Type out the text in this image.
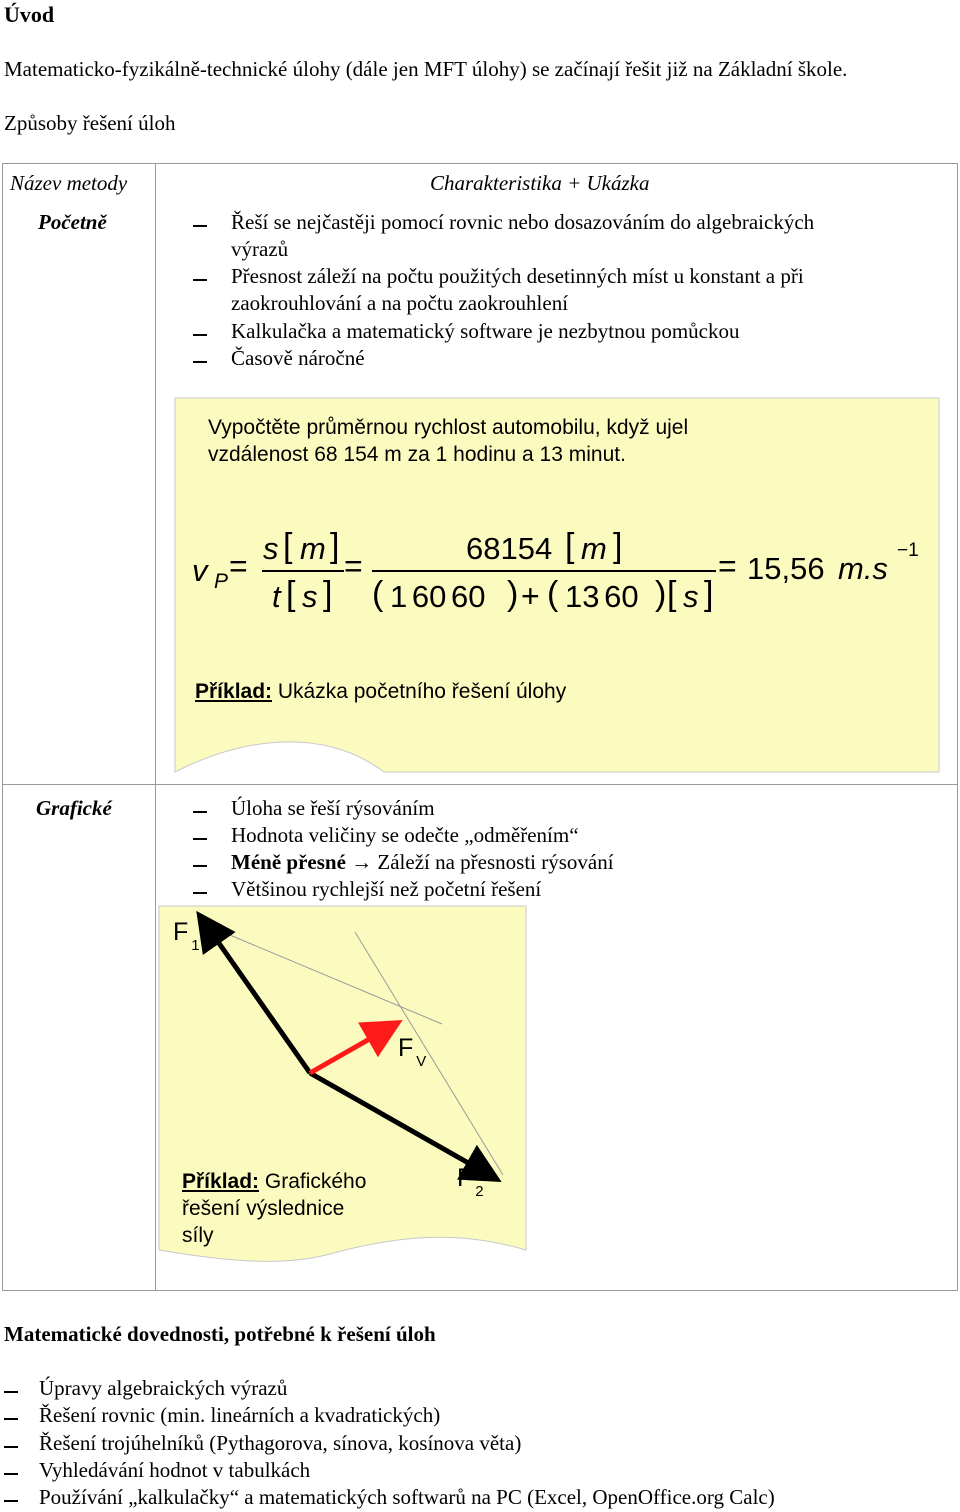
Úvod
Matematicko-fyzikálně-technické úlohy (dále jen MFT úlohy) se začínají řešit již na Základní škole.
Způsoby řešení úloh
Název metody	Charakteristika + Ukázka
Početně	Řeší se nejčastěji pomocí rovnic nebo dosazováním do algebraických
výrazů
Přesnost záleží na počtu použitých desetinných míst u konstant a při
zaokrouhlování a na počtu zaokrouhlení
Kalkulačka a matematický software je nezbytnou pomůckou
Časově náročné
Vypočtěte průměrnou rychlost automobilu, když ujel
vzdálenost 68 154 m za 1 hodinu a 13 minut.
v P = s [ m ]
t [ s ]
=	68154 [ m ]
( 1 60 60 ) + ( 13 60 ) [ s ]
= 15,56 m.s
−1
Příklad: Ukázka početního řešení úlohy
Grafické	Úloha se řeší rýsováním
Hodnota veličiny se odečte „odměřením“
Méně přesné → Záleží na přesnosti rýsování
Většinou rychlejší než početní řešení
F $_1$
F $_V$
F $_2$
Příklad: Grafického
řešení výslednice
síly
Matematické dovednosti, potřebné k řešení úloh
Úpravy algebraických výrazů
Řešení rovnic (min. lineárních a kvadratických)
Řešení trojúhelníků (Pythagorova, sínova, kosínova věta)
Vyhledávání hodnot v tabulkách
Používání „kalkulačky“ a matematických softwarů na PC (Excel, OpenOffice.org Calc)
